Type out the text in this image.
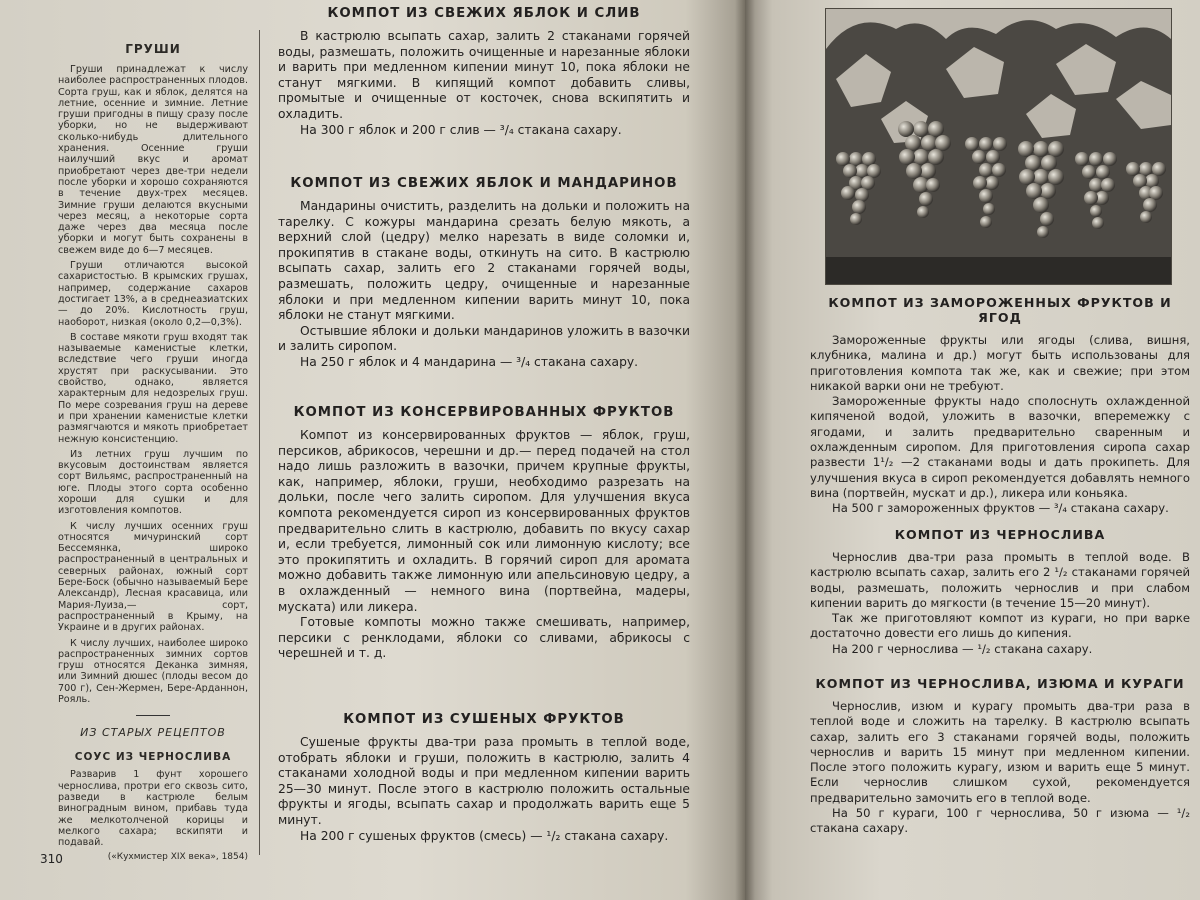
ГРУШИ

Груши принадлежат к числу наиболее распространенных плодов. Сорта груш, как и яблок, делятся на летние, осенние и зимние. Летние груши пригодны в пищу сразу после уборки, но не выдерживают сколько-нибудь длительного хранения. Осенние груши наилучший вкус и аромат приобретают через две-три недели после уборки и хорошо сохраняются в течение двух-трех месяцев. Зимние груши делаются вкусными через месяц, а некоторые сорта даже через два месяца после уборки и могут быть сохранены в свежем виде до 6—7 месяцев.

Груши отличаются высокой сахаристостью. В крымских грушах, например, содержание сахаров достигает 13%, а в среднеазиатских — до 20%. Кислотность груш, наоборот, низкая (около 0,2—0,3%).

В составе мякоти груш входят так называемые каменистые клетки, вследствие чего груши иногда хрустят при раскусывании. Это свойство, однако, является характерным для недозрелых груш. По мере созревания груш на дереве и при хранении каменистые клетки размягчаются и мякоть приобретает нежную консистенцию.

Из летних груш лучшим по вкусовым достоинствам является сорт Вильямс, распространенный на юге. Плоды этого сорта особенно хороши для сушки и для изготовления компотов.

К числу лучших осенних груш относятся мичуринский сорт Бессемянка, широко распространенный в центральных и северных районах, южный сорт Бере-Боск (обычно называемый Бере Александр), Лесная красавица, или Мария-Луиза,— сорт, распространенный в Крыму, на Украине и в других районах.

К числу лучших, наиболее широко распространенных зимних сортов груш относятся Деканка зимняя, или Зимний дюшес (плоды весом до 700 г), Сен-Жермен, Бере-Арданнон, Рояль.

ИЗ СТАРЫХ РЕЦЕПТОВ
СОУС ИЗ ЧЕРНОСЛИВА

Разварив 1 фунт хорошего чернослива, протри его сквозь сито, разведи в кастрюле белым виноградным вином, прибавь туда же мелкотолченой корицы и мелкого сахара; вскипяти и подавай.

(«Кухмистер XIX века», 1854)
КОМПОТ ИЗ СВЕЖИХ ЯБЛОК И СЛИВ

В кастрюлю всыпать сахар, залить 2 стаканами горячей воды, размешать, положить очищенные и нарезанные яблоки и варить при медленном кипении минут 10, пока яблоки не станут мягкими. В кипящий компот добавить сливы, промытые и очищенные от косточек, снова вскипятить и охладить.

На 300 г яблок и 200 г слив — ³/₄ стакана сахару.

КОМПОТ ИЗ СВЕЖИХ ЯБЛОК И МАНДАРИНОВ

Мандарины очистить, разделить на дольки и положить на тарелку. С кожуры мандарина срезать белую мякоть, а верхний слой (цедру) мелко нарезать в виде соломки и, прокипятив в стакане воды, откинуть на сито. В кастрюлю всыпать сахар, залить его 2 стаканами горячей воды, размешать, положить цедру, очищенные и нарезанные яблоки и при медленном кипении варить минут 10, пока яблоки не станут мягкими.

Остывшие яблоки и дольки мандаринов уложить в вазочки и залить сиропом.

На 250 г яблок и 4 мандарина — ³/₄ стакана сахару.

КОМПОТ ИЗ КОНСЕРВИРОВАННЫХ ФРУКТОВ

Компот из консервированных фруктов — яблок, груш, персиков, абрикосов, черешни и др.— перед подачей на стол надо лишь разложить в вазочки, причем крупные фрукты, как, например, яблоки, груши, необходимо разрезать на дольки, после чего залить сиропом. Для улучшения вкуса компота рекомендуется сироп из консервированных фруктов предварительно слить в кастрюлю, добавить по вкусу сахар и, если требуется, лимонный сок или лимонную кислоту; все это прокипятить и охладить. В горячий сироп для аромата можно добавить также лимонную или апельсиновую цедру, а в охлажденный — немного вина (портвейна, мадеры, муската) или ликера.

Готовые компоты можно также смешивать, например, персики с ренклодами, яблоки со сливами, абрикосы с черешней и т. д.

КОМПОТ ИЗ СУШЕНЫХ ФРУКТОВ

Сушеные фрукты два-три раза промыть в теплой воде, отобрать яблоки и груши, положить в кастрюлю, залить 4 стаканами холодной воды и при медленном кипении варить 25—30 минут. После этого в кастрюлю положить остальные фрукты и ягоды, всыпать сахар и продолжать варить еще 5 минут.

На 200 г сушеных фруктов (смесь) — ¹/₂ стакана сахару.

310
КОМПОТ ИЗ ЗАМОРОЖЕННЫХ ФРУКТОВ И ЯГОД

Замороженные фрукты или ягоды (слива, вишня, клубника, малина и др.) могут быть использованы для приготовления компота так же, как и свежие; при этом никакой варки они не требуют.

Замороженные фрукты надо сполоснуть охлажденной кипяченой водой, уложить в вазочки, вперемежку с ягодами, и залить предварительно сваренным и охлажденным сиропом. Для приготовления сиропа сахар развести 1¹/₂ —2 стаканами воды и дать прокипеть. Для улучшения вкуса в сироп рекомендуется добавлять немного вина (портвейн, мускат и др.), ликера или коньяка.

На 500 г замороженных фруктов — ³/₄ стакана сахару.

КОМПОТ ИЗ ЧЕРНОСЛИВА

Чернослив два-три раза промыть в теплой воде. В кастрюлю всыпать сахар, залить его 2 ¹/₂ стаканами горячей воды, размешать, положить чернослив и при слабом кипении варить до мягкости (в течение 15—20 минут).

Так же приготовляют компот из кураги, но при варке достаточно довести его лишь до кипения.

На 200 г чернослива — ¹/₂ стакана сахару.

КОМПОТ ИЗ ЧЕРНОСЛИВА, ИЗЮМА И КУРАГИ

Чернослив, изюм и курагу промыть два-три раза в теплой воде и сложить на тарелку. В кастрюлю всыпать сахар, залить его 3 стаканами горячей воды, положить чернослив и варить 15 минут при медленном кипении. После этого положить курагу, изюм и варить еще 5 минут. Если чернослив слишком сухой, рекомендуется предварительно замочить его в теплой воде.

На 50 г кураги, 100 г чернослива, 50 г изюма — ¹/₂ стакана сахару.
